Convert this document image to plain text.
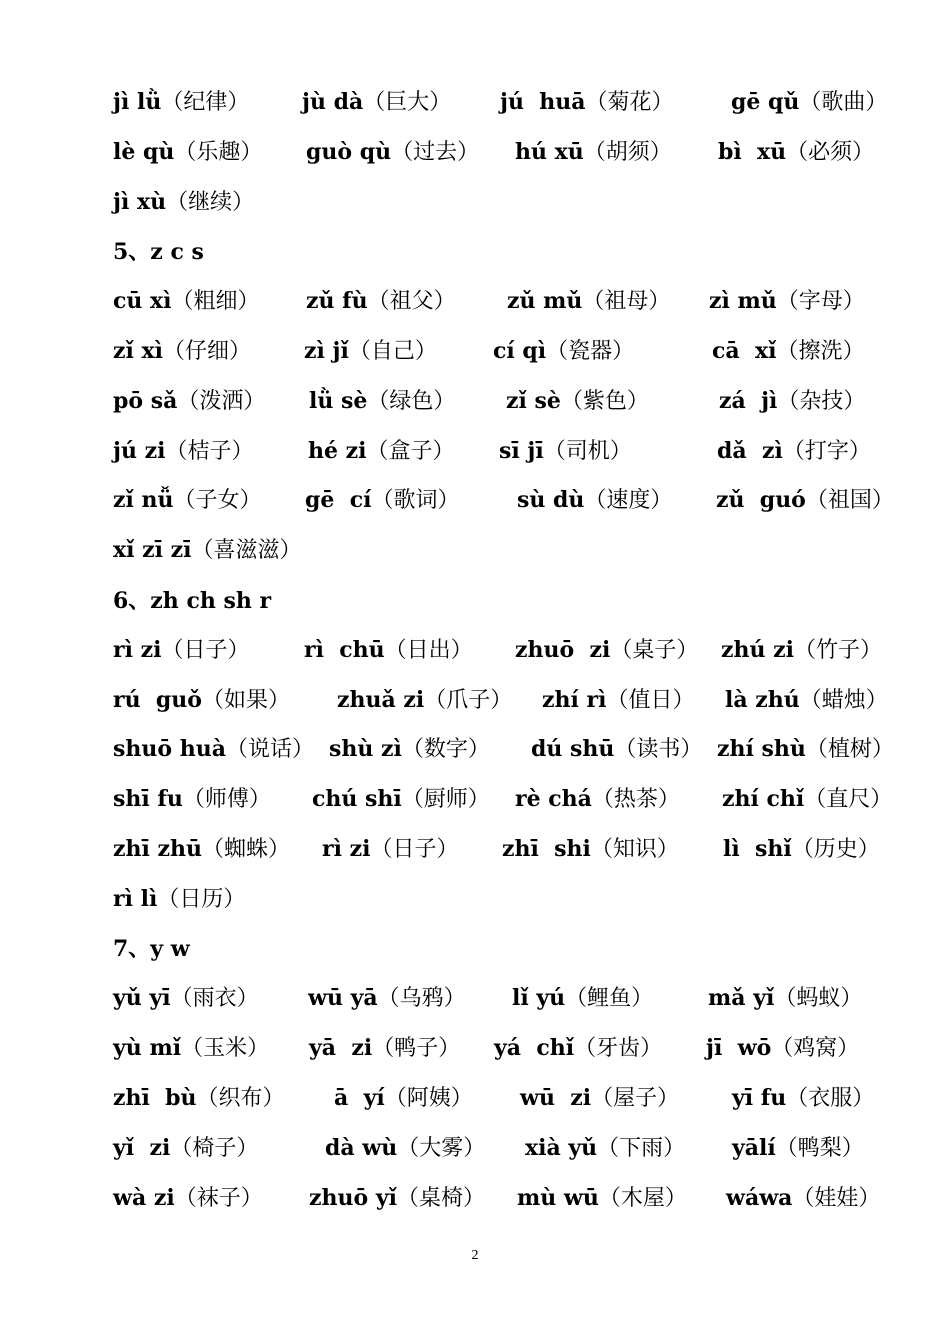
jì lǜ（纪律） jù dà（巨大） jú  huā（菊花）	gē qǔ（歌曲）
lè qù（乐趣） guò qù（过去） hú xū（胡须） bì  xū（必须）
jì xù（继续）
5、z c s
cū xì（粗细） zǔ fù（祖父） zǔ mǔ（祖母） zì mǔ（字母）
zǐ xì（仔细） zì jǐ（自己）	cí qì（瓷器）	cā  xǐ（擦洗）
pō sǎ（泼洒） lǜ sè（绿色） zǐ sè（紫色）	zá  jì（杂技）
jú zi（桔子） hé zi（盒子） sī jī（司机）	dǎ  zì（打字）
zǐ nǚ（子女） gē  cí（歌词）	sù dù（速度） zǔ  guó（祖国）
xǐ zī zī（喜滋滋）
6、zh ch sh r
rì zi（日子） rì  chū（日出） zhuō  zi（桌子） zhú zi（竹子）
rú  guǒ（如果） zhuǎ zi（爪子） zhí rì（值日） là zhú（蜡烛）
shuō huà（说话） shù zì（数字） dú shū（读书） zhí shù（植树）
shī fu（师傅） chú shī（厨师） rè chá（热茶） zhí chǐ（直尺）
zhī zhū（蜘蛛） rì zi（日子） zhī  shi（知识） lì  shǐ（历史）
rì lì（日历）
7、y w
yǔ yī（雨衣） wū yā（乌鸦） lǐ yú（鲤鱼） mǎ yǐ（蚂蚁）
yù mǐ（玉米） yā  zi（鸭子） yá  chǐ（牙齿） jī  wō（鸡窝）
zhī  bù（织布） ā  yí（阿姨） wū  zi（屋子） yī fu（衣服）
yǐ  zi（椅子）	dà wù（大雾） xià yǔ（下雨） yālí（鸭梨）
wà zi（袜子） zhuō yǐ（桌椅） mù wū（木屋） wáwa（娃娃）
2
